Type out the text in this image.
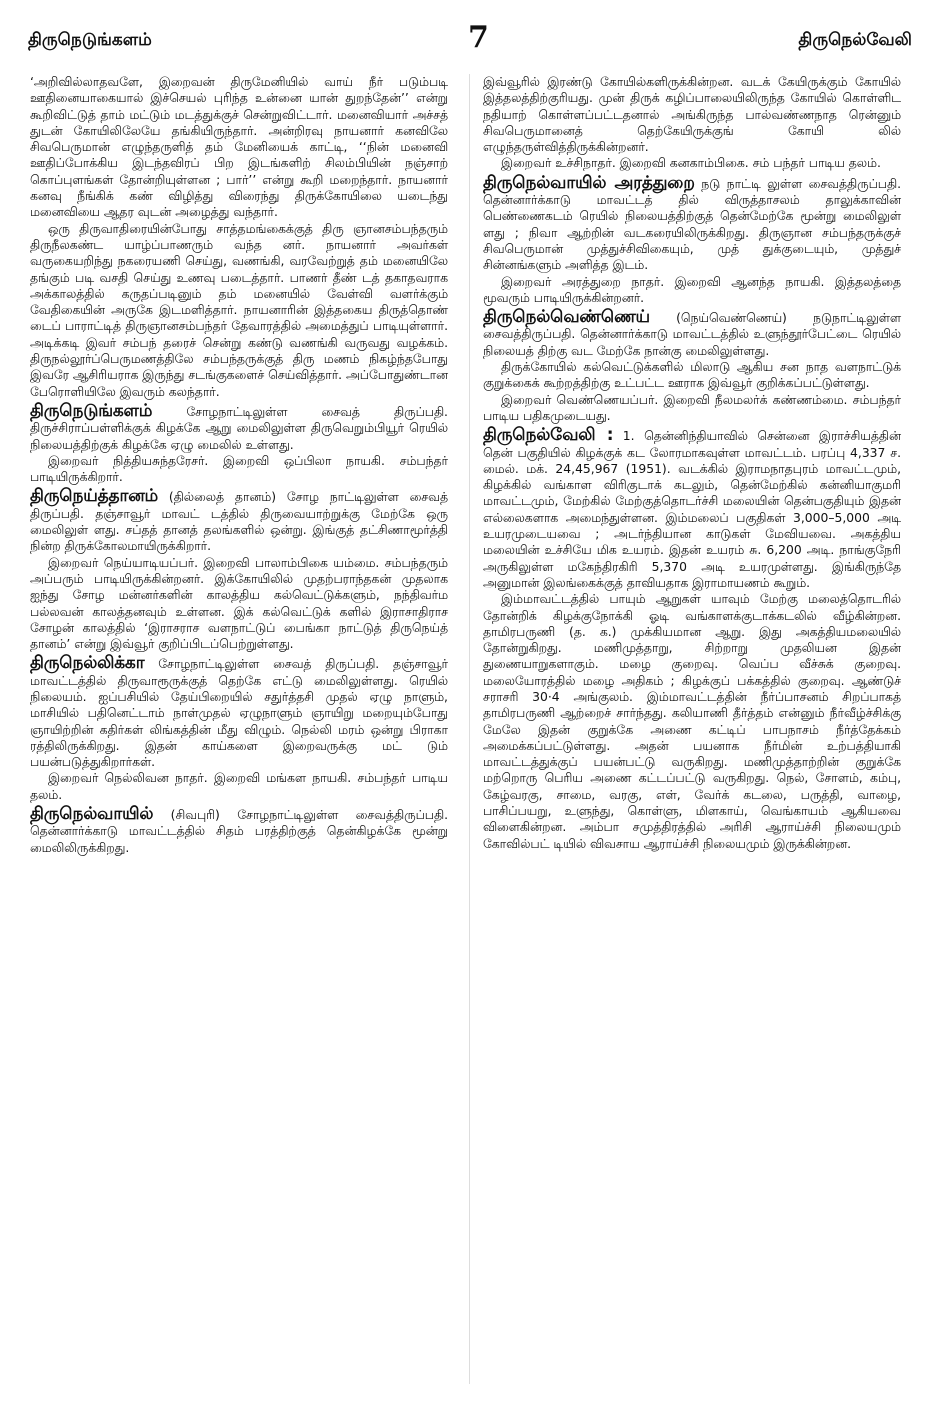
திருநெடுங்களம்	7	திருநெல்வேலி

‘அறிவில்லாதவளே, இறைவன் திருமேனியில் வாய் நீர் படும்படி ஊதினையாகையால் இச்செயல் புரிந்த உன்னை யான் துறந்தேன்’’ என்று கூறிவிட்டுத் தாம் மட்டும் மடத்துக்குச் சென்றுவிட்டார். மனைவியார் அச்சத் துடன் கோயிலிலேயே தங்கியிருந்தார். அன்றிரவு நாயனார் கனவிலே சிவபெருமான் எழுந்தருளித் தம் மேனியைக் காட்டி, ‘‘நின் மனைவி ஊதிப்போக்கிய இடந்தவிரப் பிற இடங்களிற் சிலம்பியின் நஞ்சாற் கொப்புளங்கள் தோன்றியுள்ளன ; பார்’’ என்று கூறி மறைந்தார். நாயனார் கனவு நீங்கிக் கண் விழித்து விரைந்து திருக்கோயிலை யடைந்து மனைவியை ஆதர வுடன் அழைத்து வந்தார்.

ஒரு திருவாதிரையின்போது சாத்தமங்கைக்குத் திரு ஞானசம்பந்தரும் திருநீலகண்ட யாழ்ப்பாணரும் வந்த னர். நாயனார் அவர்கள் வருகையறிந்து நகரையணி செய்து, வணங்கி, வரவேற்றுத் தம் மனையிலே தங்கும் படி வசதி செய்து உணவு படைத்தார். பாணர் தீண் டத் தகாதவராக அக்காலத்தில் கருதப்படினும் தம் மனையில் வேள்வி வளர்க்கும் வேதிகையின் அருகே இடமளித்தார். நாயனாரின் இத்தகைய திருத்தொண் டைப் பாராட்டித் திருஞானசம்பந்தர் தேவாரத்தில் அமைத்துப் பாடியுள்ளார். அடிக்கடி இவர் சம்பந் தரைச் சென்று கண்டு வணங்கி வருவது வழக்கம். திருநல்லூர்ப்பெருமணத்திலே சம்பந்தருக்குத் திரு மணம் நிகழ்ந்தபோது இவரே ஆசிரியராக இருந்து சடங்குகளைச் செய்வித்தார். அப்போதுண்டான பேரொளியிலே இவரும் கலந்தார்.

திருநெடுங்களம் சோழநாட்டிலுள்ள சைவத் திருப்பதி. திருச்சிராப்பள்ளிக்குக் கிழக்கே ஆறு மைலிலுள்ள திருவெறும்பியூர் ரெயில் நிலையத்திற்குக் கிழக்கே ஏழு மைலில் உள்ளது.

இறைவர் நித்தியசுந்தரேசர். இறைவி ஒப்பிலா நாயகி. சம்பந்தர் பாடியிருக்கிறார்.

திருநெய்த்தானம் (தில்லைத் தானம்) சோழ நாட்டிலுள்ள சைவத் திருப்பதி. தஞ்சாவூர் மாவட் டத்தில் திருவையாற்றுக்கு மேற்கே ஒரு மைலிலுள் ளது. சப்தத் தானத் தலங்களில் ஒன்று. இங்குத் தட்சிணாமூர்த்தி நின்ற திருக்கோலமாயிருக்கிறார்.

இறைவர் நெய்யாடியப்பர். இறைவி பாலாம்பிகை யம்மை. சம்பந்தரும் அப்பரும் பாடியிருக்கின்றனர். இக்கோயிலில் முதற்பராந்தகன் முதலாக ஐந்து சோழ மன்னர்களின் காலத்திய கல்வெட்டுக்களும், நந்திவர்ம பல்லவன் காலத்தனவும் உள்ளன. இக் கல்வெட்டுக் களில் இராசாதிராச சோழன் காலத்தில் ‘இராசராச வளநாட்டுப் பைங்கா நாட்டுத் திருநெய்த் தானம்’ என்று இவ்வூர் குறிப்பிடப்பெற்றுள்ளது.

திருநெல்லிக்கா சோழநாட்டிலுள்ள சைவத் திருப்பதி. தஞ்சாவூர் மாவட்டத்தில் திருவாரூருக்குத் தெற்கே எட்டு மைலிலுள்ளது. ரெயில் நிலையம். ஐப்பசியில் தேய்பிறையில் சதுர்த்தசி முதல் ஏழு நாளும், மாசியில் பதினெட்டாம் நாள்முதல் ஏழுநாளும் ஞாயிறு மறையும்போது ஞாயிற்றின் கதிர்கள் லிங்கத்தின் மீது விழும். நெல்லி மரம் ஒன்று பிராகா ரத்திலிருக்கிறது. இதன் காய்களை இறைவருக்கு மட் டும் பயன்படுத்துகிறார்கள்.

இறைவர் நெல்லிவன நாதர். இறைவி மங்கள நாயகி. சம்பந்தர் பாடிய தலம்.

திருநெல்வாயில் (சிவபுரி) சோழநாட்டிலுள்ள சைவத்திருப்பதி. தென்னார்க்காடு மாவட்டத்தில் சிதம் பரத்திற்குத் தென்கிழக்கே மூன்று மைலிலிருக்கிறது.

இவ்வூரில் இரண்டு கோயில்களிருக்கின்றன. வடக் கேயிருக்கும் கோயில் இத்தலத்திற்குரியது. முன் திருக் கழிப்பாலையிலிருந்த கோயில் கொள்ளிட நதியாற் கொள்ளப்பட்டதனால் அங்கிருந்த பால்வண்ணநாத ரென்னும் சிவபெருமானைத் தெற்கேயிருக்குங் கோயி லில் எழுந்தருள்வித்திருக்கின்றனர்.

இறைவர் உச்சிநாதர். இறைவி கனகாம்பிகை. சம் பந்தர் பாடிய தலம்.

திருநெல்வாயில் அரத்துறை நடு நாட்டி லுள்ள சைவத்திருப்பதி. தென்னார்க்காடு மாவட்டத் தில் விருத்தாசலம் தாலுக்காவின் பெண்ணைகடம் ரெயில் நிலையத்திற்குத் தென்மேற்கே மூன்று மைலிலுள் ளது ; நிவா ஆற்றின் வடகரையிலிருக்கிறது. திருஞான சம்பந்தருக்குச் சிவபெருமான் முத்துச்சிவிகையும், முத் துக்குடையும், முத்துச் சின்னங்களும் அளித்த இடம்.

இறைவர் அரத்துறை நாதர். இறைவி ஆனந்த நாயகி. இத்தலத்தை மூவரும் பாடியிருக்கின்றனர்.

திருநெல்வெண்ணெய் (நெய்வெண்ணெய்) நடுநாட்டிலுள்ள சைவத்திருப்பதி. தென்னார்க்காடு மாவட்டத்தில் உளுந்தூர்பேட்டை ரெயில் நிலையத் திற்கு வட மேற்கே நான்கு மைலிலுள்ளது.

திருக்கோயில் கல்வெட்டுக்களில் மிலாடு ஆகிய சன நாத வளநாட்டுக் குறுக்கைக் கூற்றத்திற்கு உட்பட்ட ஊராக இவ்வூர் குறிக்கப்பட்டுள்ளது.

இறைவர் வெண்ணெயப்பர். இறைவி நீலமலர்க் கண்ணம்மை. சம்பந்தர் பாடிய பதிகமுடையது.

திருநெல்வேலி : 1. தென்னிந்தியாவில் சென்னை இராச்சியத்தின் தென் பகுதியில் கிழக்குக் கட லோரமாகவுள்ள மாவட்டம். பரப்பு 4,337 ச. மைல். மக். 24,45,967 (1951). வடக்கில் இராமநாதபுரம் மாவட்டமும், கிழக்கில் வங்காள விரிகுடாக் கடலும், தென்மேற்கில் கன்னியாகுமரி மாவட்டமும், மேற்கில் மேற்குத்தொடர்ச்சி மலையின் தென்பகுதியும் இதன் எல்லைகளாக அமைந்துள்ளன. இம்மலைப் பகுதிகள் 3,000–5,000 அடி உயரமுடையவை ; அடர்ந்தியான காடுகள் மேவியவை. அகத்திய மலையின் உச்சியே மிக உயரம். இதன் உயரம் சு. 6,200 அடி. நாங்குநேரி அருகிலுள்ள மகேந்திரகிரி 5,370 அடி உயரமுள்ளது. இங்கிருந்தே அனுமான் இலங்கைக்குத் தாவியதாக இராமாயணம் கூறும்.

இம்மாவட்டத்தில் பாயும் ஆறுகள் யாவும் மேற்கு மலைத்தொடரில் தோன்றிக் கிழக்குநோக்கி ஓடி வங்காளக்குடாக்கடலில் வீழ்கின்றன. தாமிரபருணி (த. க.) முக்கியமான ஆறு. இது அகத்தியமலையில் தோன்றுகிறது. மணிமுத்தாறு, சிற்றாறு முதலியன இதன் துணையாறுகளாகும். மழை குறைவு. வெப்ப வீச்சுக் குறைவு. மலையோரத்தில் மழை அதிகம் ; கிழக்குப் பக்கத்தில் குறைவு. ஆண்டுச் சராசரி 30·4 அங்குலம். இம்மாவட்டத்தின் நீர்ப்பாசனம் சிறப்பாகத் தாமிரபருணி ஆற்றைச் சார்ந்தது. கலியாணி தீர்த்தம் என்னும் நீர்வீழ்ச்சிக்கு மேலே இதன் குறுக்கே அணை கட்டிப் பாபநாசம் நீர்த்தேக்கம் அமைக்கப்பட்டுள்ளது. அதன் பயனாக நீர்மின் உற்பத்தியாகி மாவட்டத்துக்குப் பயன்பட்டு வருகிறது. மணிமுத்தாற்றின் குறுக்கே மற்றொரு பெரிய அணை கட்டப்பட்டு வருகிறது. நெல், சோளம், கம்பு, கேழ்வரகு, சாமை, வரகு, எள், வேர்க் கடலை, பருத்தி, வாழை, பாசிப்பயறு, உளுந்து, கொள்ளு, மிளகாய், வெங்காயம் ஆகியவை விளைகின்றன. அம்பா சமுத்திரத்தில் அரிசி ஆராய்ச்சி நிலையமும் கோவில்பட் டியில் விவசாய ஆராய்ச்சி நிலையமும் இருக்கின்றன.
